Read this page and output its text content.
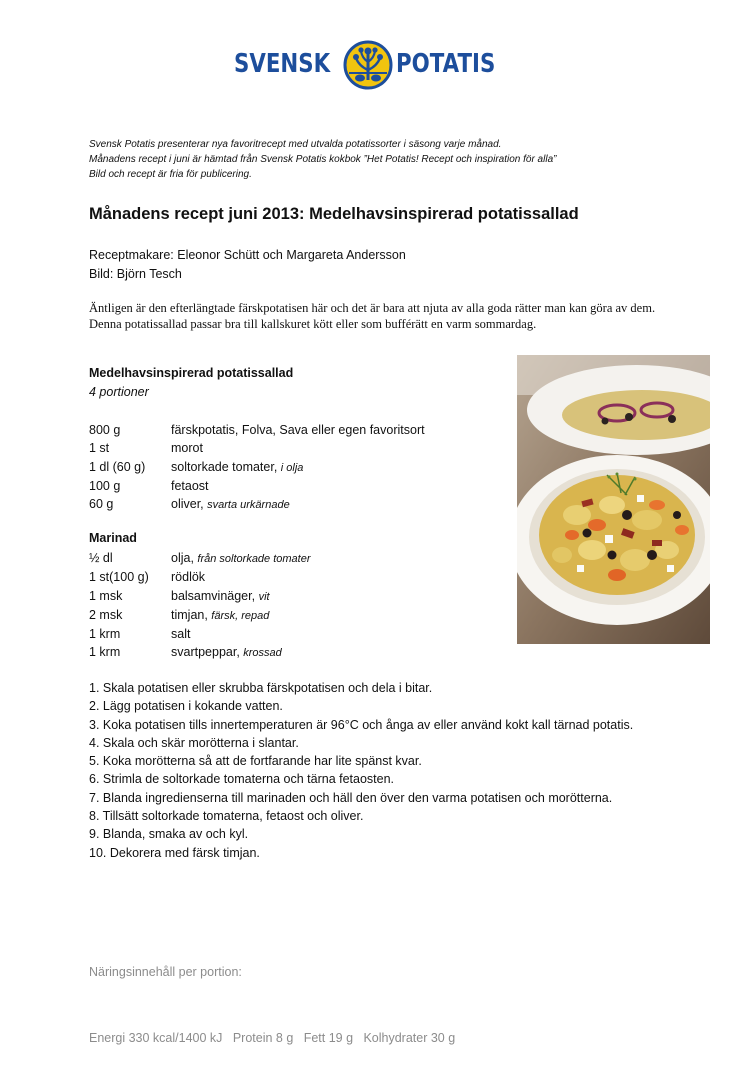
SVENSK	POTATIS
Svensk Potatis presenterar nya favoritrecept med utvalda potatissorter i säsong varje månad.
Månadens recept i juni är hämtad från Svensk Potatis kokbok ”Het Potatis! Recept och inspiration för alla”
Bild och recept är fria för publicering.
Månadens recept juni 2013: Medelhavsinspirerad potatissallad
Receptmakare: Eleonor Schütt och Margareta Andersson
Bild: Björn Tesch
Äntligen är den efterlängtade färskpotatisen här och det är bara att njuta av alla goda rätter man kan göra av dem. Denna potatissallad passar bra till kallskuret kött eller som bufférätt en varm sommardag.
Medelhavsinspirerad potatissallad
4 portioner
800 g	färskpotatis, Folva, Sava eller egen favoritsort
1 st	morot
1 dl (60 g)	soltorkade tomater, i olja
100 g	fetaost
60 g	oliver, svarta urkärnade
Marinad
½ dl	olja, från soltorkade tomater
1 st(100 g)	rödlök
1 msk	balsamvinäger, vit
2 msk	timjan, färsk, repad
1 krm	salt
1 krm	svartpeppar, krossad
1. Skala potatisen eller skrubba färskpotatisen och dela i bitar.
2. Lägg potatisen i kokande vatten.
3. Koka potatisen tills innertemperaturen är 96°C och ånga av eller använd kokt kall tärnad potatis.
4. Skala och skär morötterna i slantar.
5. Koka morötterna så att de fortfarande har lite spänst kvar.
6. Strimla de soltorkade tomaterna och tärna fetaosten.
7. Blanda ingredienserna till marinaden och häll den över den varma potatisen och morötterna.
8. Tillsätt soltorkade tomaterna, fetaost och oliver.
9. Blanda, smaka av och kyl.
10. Dekorera med färsk timjan.

Näringsinnehåll per portion:

Energi 330 kcal/1400 kJ   Protein 8 g   Fett 19 g   Kolhydrater 30 g
